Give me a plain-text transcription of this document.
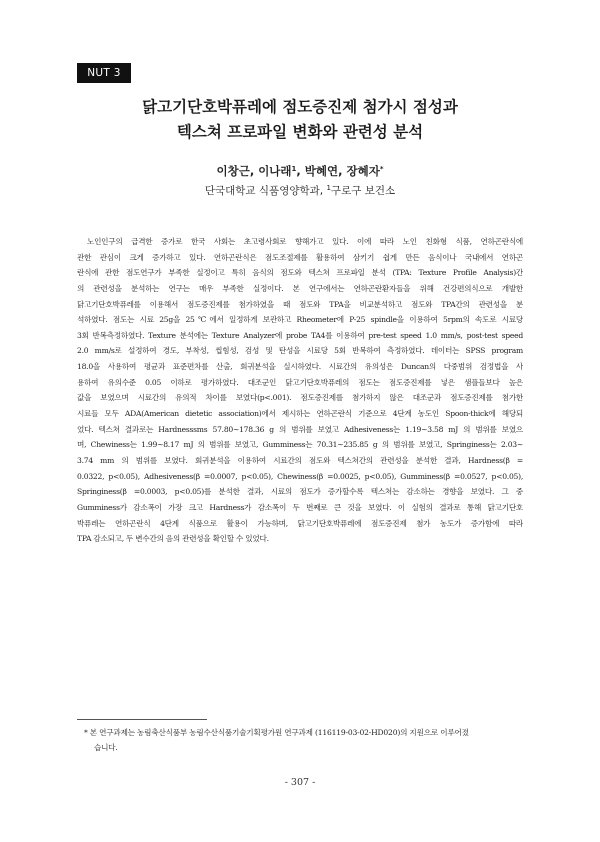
NUT 3
닭고기단호박퓨레에 점도증진제 첨가시 점성과
텍스쳐 프로파일 변화와 관련성 분석
이창근, 이나래$^1$, 박혜연, 장혜자*
단국대학교 식품영양학과, $^1$구로구 보건소
노인인구의 급격한 증가로 한국 사회는 초고령사회로 향해가고 있다. 이에 따라 노인 친화형 식품, 연하곤란식에
관한 관심이 크게 증가하고 있다. 연하곤란식은 점도조절제를 활용하여 삼키기 쉽게 만든 음식이나 국내에서 연하곤
란식에 관한 점도연구가 부족한 실정이고 특히 음식의 점도와 텍스쳐 프로파일 분석 (TPA: Texture Profile Analysis)간
의 관련성을 분석하는 연구는 매우 부족한 실정이다. 본 연구에서는 연하곤란환자들을 위해 건강편의식으로 개발한
닭고기단호박퓨레를 이용해서 점도증진제를 첨가하였을 때 점도와 TPA을 비교분석하고 점도와 TPA간의 관련성을 분
석하였다. 점도는 시료 25g을 25℃에서 일정하게 보관하고 Rheometer에 P-25 spindle을 이용하여 5rpm의 속도로 시료당
3회 반복측정하였다. Texture 분석에는 Texture Analyzer에 probe TA4를 이용하여 pre-test speed 1.0 mm/s, post-test speed
2.0 mm/s로 설정하여 경도, 부착성, 씹힘성, 검성 및 탄성을 시료당 5회 반복하여 측정하였다. 데이터는 SPSS program
18.0을 사용하여 평균과 표준편차를 산출, 회귀분석을 실시하였다. 시료간의 유의성은 Duncan의 다중범위 검정법을 사
용하여 유의수준 0.05 이하로 평가하였다. 대조군인 닭고기단호박퓨레의 점도는 점도증진제를 넣은 샘플들보다 높은
값을 보였으며 시료간의 유의적 차이를 보였다(p<.001). 점도증진제를 첨가하지 않은 대조군과 점도증진제를 첨가한
시료들 모두 ADA(American dietetic association)에서 제시하는 연하곤란식 기준으로 4단계 농도인 Spoon-thick에 해당되
었다. 텍스쳐 결과로는 Hardnesssms 57.80∼178.36 g 의 범위를 보였고 Adhesiveness는 1.19∼3.58 mJ 의 범위를 보였으
며, Chewiness는 1.99∼8.17 mJ 의 범위를 보였고, Gumminess는 70.31∼235.85 g 의 범위를 보였고, Springiness는 2.03∼
3.74 mm 의 범위를 보였다. 회귀분석을 이용하여 시료간의 점도와 텍스쳐간의 관련성을 분석한 결과, Hardness(β =
0.0322, p<0.05), Adhesiveness(β =0.0007, p<0.05), Chewiness(β =0.0025, p<0.05), Gumminess(β =0.0527, p<0.05),
Springiness(β =0.0003, p<0.05)를 분석한 결과, 시료의 점도가 증가할수록 텍스쳐는 감소하는 경향을 보였다. 그 중
Gumminess가 감소폭이 가장 크고 Hardness가 감소폭이 두 번째로 큰 것을 보였다. 이 실험의 결과로 통해 닭고기단호
박퓨레는 연하곤란식 4단계 식품으로 활용이 가능하며, 닭고기단호박퓨레에 점도증진제 첨가 농도가 증가함에 따라
TPA 감소되고, 두 변수간의 음의 관련성을 확인할 수 있었다.
* 본 연구과제는 농림축산식품부 농림수산식품기술기획평가원 연구과제 (116119-03-02-HD020)의 지원으로 이루어졌
습니다.
- 307 -
